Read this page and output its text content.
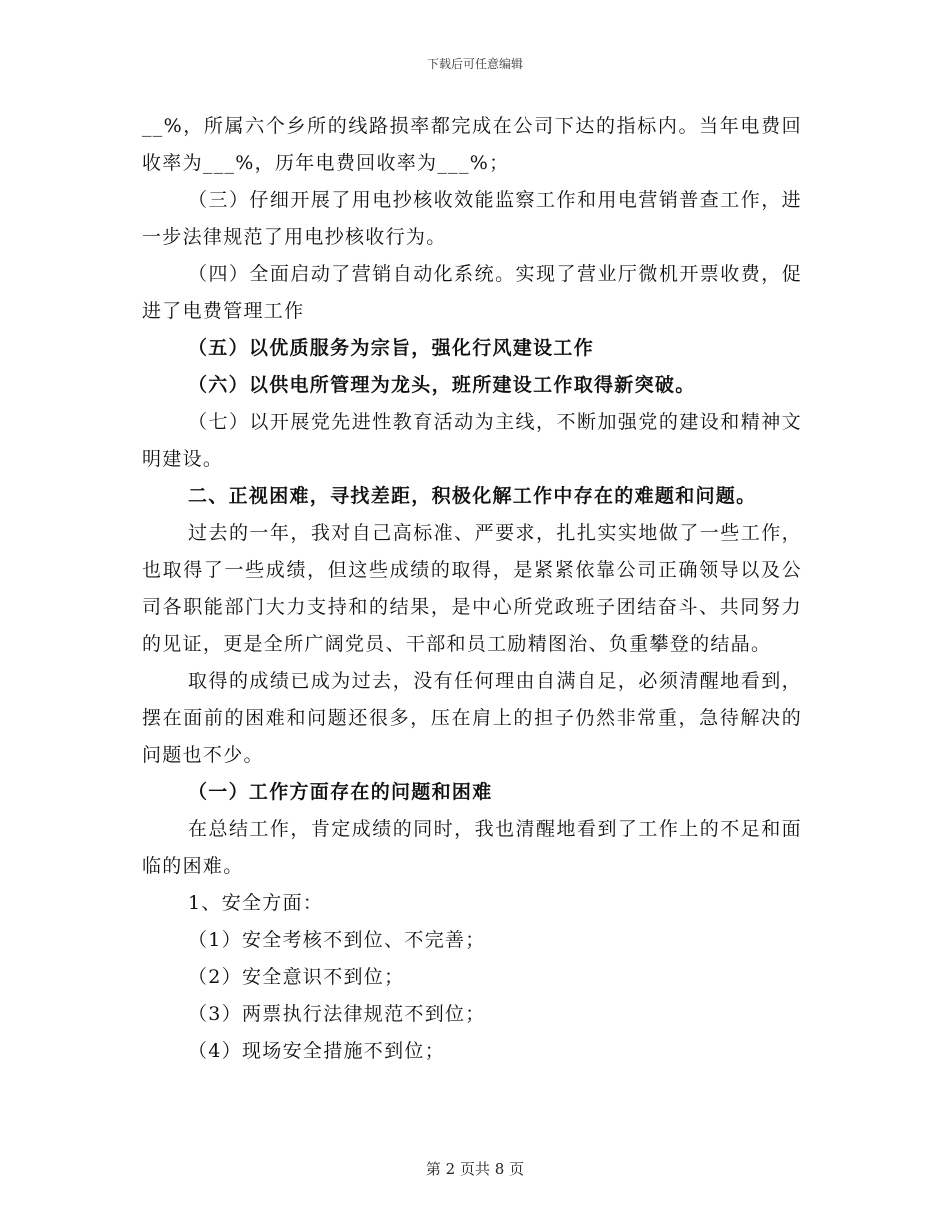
下载后可任意编辑

__%，所属六个乡所的线路损率都完成在公司下达的指标内。当年电费回收率为___%，历年电费回收率为___%；

（三）仔细开展了用电抄核收效能监察工作和用电营销普查工作，进一步法律规范了用电抄核收行为。

（四）全面启动了营销自动化系统。实现了营业厅微机开票收费，促进了电费管理工作

（五）以优质服务为宗旨，强化行风建设工作

（六）以供电所管理为龙头，班所建设工作取得新突破。

（七）以开展党先进性教育活动为主线，不断加强党的建设和精神文明建设。

二、正视困难，寻找差距，积极化解工作中存在的难题和问题。

过去的一年，我对自己高标准、严要求，扎扎实实地做了一些工作，也取得了一些成绩，但这些成绩的取得，是紧紧依靠公司正确领导以及公司各职能部门大力支持和的结果，是中心所党政班子团结奋斗、共同努力的见证，更是全所广阔党员、干部和员工励精图治、负重攀登的结晶。

取得的成绩已成为过去，没有任何理由自满自足，必须清醒地看到，摆在面前的困难和问题还很多，压在肩上的担子仍然非常重，急待解决的问题也不少。

（一）工作方面存在的问题和困难

在总结工作，肯定成绩的同时，我也清醒地看到了工作上的不足和面临的困难。

1、安全方面：

（1）安全考核不到位、不完善；

（2）安全意识不到位；

（3）两票执行法律规范不到位；

（4）现场安全措施不到位；

第 2 页共 8 页
